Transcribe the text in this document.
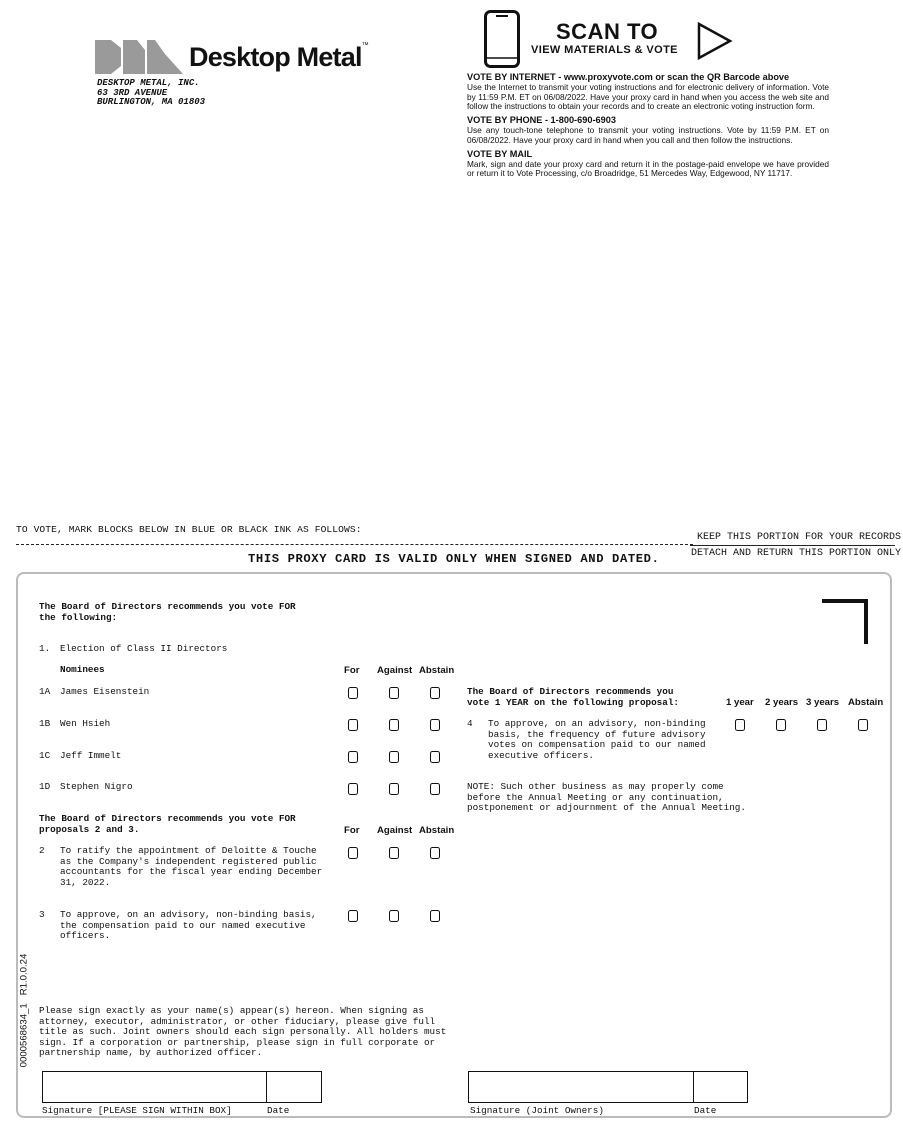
Desktop Metal™
DESKTOP METAL, INC.
63 3RD AVENUE
BURLINGTON, MA 01803
SCAN TO
VIEW MATERIALS & VOTE
VOTE BY INTERNET - www.proxyvote.com or scan the QR Barcode above

Use the Internet to transmit your voting instructions and for electronic delivery of information. Vote by 11:59 P.M. ET on 06/08/2022. Have your proxy card in hand when you access the web site and follow the instructions to obtain your records and to create an electronic voting instruction form.

VOTE BY PHONE - 1-800-690-6903

Use any touch-tone telephone to transmit your voting instructions. Vote by 11:59 P.M. ET on 06/08/2022. Have your proxy card in hand when you call and then follow the instructions.

VOTE BY MAIL

Mark, sign and date your proxy card and return it in the postage-paid envelope we have provided or return it to Vote Processing, c/o Broadridge, 51 Mercedes Way, Edgewood, NY 11717.

TO VOTE, MARK BLOCKS BELOW IN BLUE OR BLACK INK AS FOLLOWS:
KEEP THIS PORTION FOR YOUR RECORDS
DETACH AND RETURN THIS PORTION ONLY
THIS PROXY CARD IS VALID ONLY WHEN SIGNED AND DATED.
The Board of Directors recommends you vote FOR
the following:
1. Election of Class II Directors
Nominees	For Against Abstain
1A James Eisenstein
1B Wen Hsieh
1C Jeff Immelt
1D Stephen Nigro
The Board of Directors recommends you vote FOR
proposals 2 and 3.	For Against Abstain
2 To ratify the appointment of Deloitte & Touche
as the Company's independent registered public
accountants for the fiscal year ending December
31, 2022.
3 To approve, on an advisory, non-binding basis,
the compensation paid to our named executive
officers.
The Board of Directors recommends you
vote 1 YEAR on the following proposal:	1 year 2 years 3 years Abstain
4 To approve, on an advisory, non-binding
basis, the frequency of future advisory
votes on compensation paid to our named
executive officers.
NOTE: Such other business as may properly come
before the Annual Meeting or any continuation,
postponement or adjournment of the Annual Meeting.
Please sign exactly as your name(s) appear(s) hereon. When signing as
attorney, executor, administrator, or other fiduciary, please give full
title as such. Joint owners should each sign personally. All holders must
sign. If a corporation or partnership, please sign in full corporate or
partnership name, by authorized officer.
Signature [PLEASE SIGN WITHIN BOX]	Date	Signature (Joint Owners)	Date
0000568634_1   R1.0.0.24
